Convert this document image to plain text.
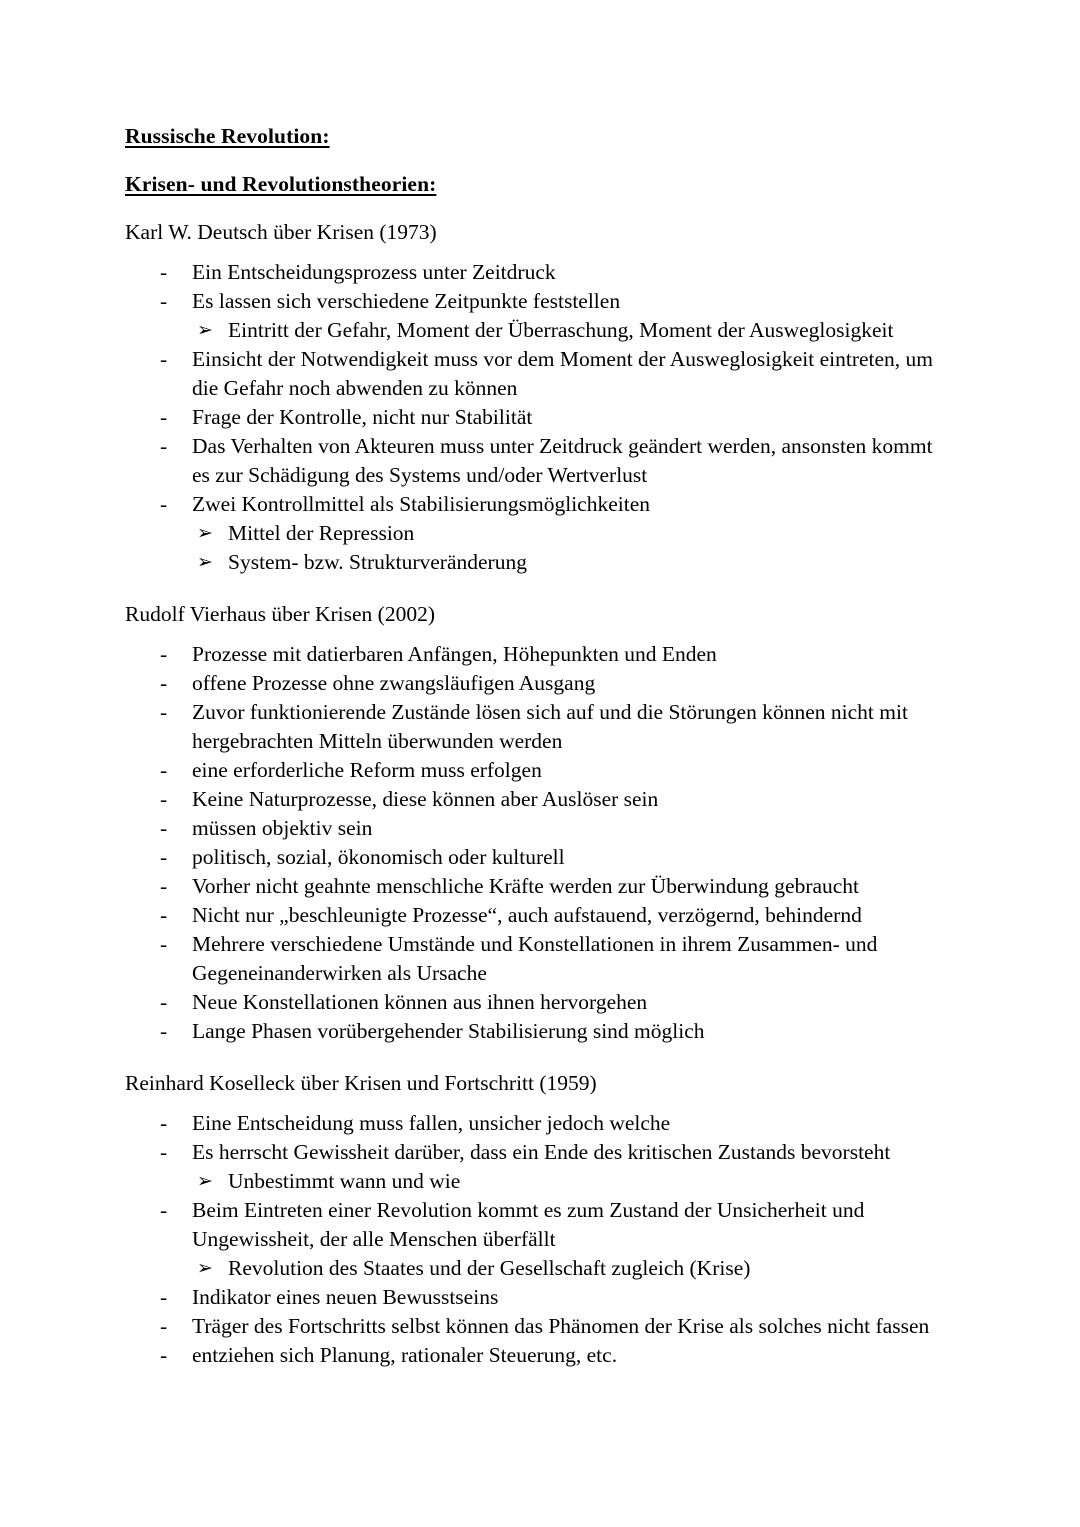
Russische Revolution:
Krisen- und Revolutionstheorien:

Karl W. Deutsch über Krisen (1973)

-	Ein Entscheidungsprozess unter Zeitdruck
-	Es lassen sich verschiedene Zeitpunkte feststellen
➢ Eintritt der Gefahr, Moment der Überraschung, Moment der Ausweglosigkeit
-	Einsicht der Notwendigkeit muss vor dem Moment der Ausweglosigkeit eintreten, um die Gefahr noch abwenden zu können
-	Frage der Kontrolle, nicht nur Stabilität
-	Das Verhalten von Akteuren muss unter Zeitdruck geändert werden, ansonsten kommt es zur Schädigung des Systems und/oder Wertverlust
-	Zwei Kontrollmittel als Stabilisierungsmöglichkeiten
➢ Mittel der Repression
➢ System- bzw. Strukturveränderung

Rudolf Vierhaus über Krisen (2002)

-	Prozesse mit datierbaren Anfängen, Höhepunkten und Enden
-	offene Prozesse ohne zwangsläufigen Ausgang
-	Zuvor funktionierende Zustände lösen sich auf und die Störungen können nicht mit hergebrachten Mitteln überwunden werden
-	eine erforderliche Reform muss erfolgen
-	Keine Naturprozesse, diese können aber Auslöser sein
-	müssen objektiv sein
-	politisch, sozial, ökonomisch oder kulturell
-	Vorher nicht geahnte menschliche Kräfte werden zur Überwindung gebraucht
-	Nicht nur „beschleunigte Prozesse“, auch aufstauend, verzögernd, behindernd
-	Mehrere verschiedene Umstände und Konstellationen in ihrem Zusammen- und Gegeneinanderwirken als Ursache
-	Neue Konstellationen können aus ihnen hervorgehen
-	Lange Phasen vorübergehender Stabilisierung sind möglich

Reinhard Koselleck über Krisen und Fortschritt (1959)

-	Eine Entscheidung muss fallen, unsicher jedoch welche
-	Es herrscht Gewissheit darüber, dass ein Ende des kritischen Zustands bevorsteht
➢ Unbestimmt wann und wie
-	Beim Eintreten einer Revolution kommt es zum Zustand der Unsicherheit und Ungewissheit, der alle Menschen überfällt
➢ Revolution des Staates und der Gesellschaft zugleich (Krise)
-	Indikator eines neuen Bewusstseins
-	Träger des Fortschritts selbst können das Phänomen der Krise als solches nicht fassen
-	entziehen sich Planung, rationaler Steuerung, etc.
